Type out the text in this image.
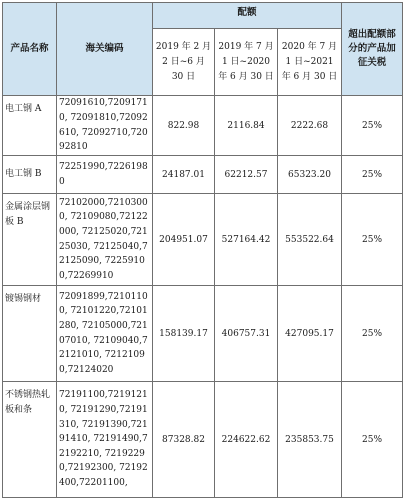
产品名称	海关编码	配额			超出配额部分的产品加征关税
		2019 年 2 月 2 日~6 月 30 日	2019 年 7 月 1 日~2020 年 6 月 30 日	2020 年 7 月 1 日~2021 年 6 月 30 日	
电工钢 A	72091610,72091710, 72091810,72092610, 72092710,72092810	822.98	2116.84	2222.68	25%
电工钢 B	72251990,72261980	24187.01	62212.57	65323.20	25%
金属涂层钢板 B	72102000,72103000, 72109080,72122000, 72125020,72125030, 72125040,72125090, 72259100,72269910	204951.07	527164.42	553522.64	25%
镀锡钢材	72091899,72101100, 72101220,72101280, 72105000,72107010, 72109040,72121010, 72121090,72124020	158139.17	406757.31	427095.17	25%
不锈钢热轧板和条	72191100,72191210, 72191290,72191310, 72191390,72191410, 72191490,72192210, 72192290,72192300, 72192400,72201100,	87328.82	224622.62	235853.75	25%
